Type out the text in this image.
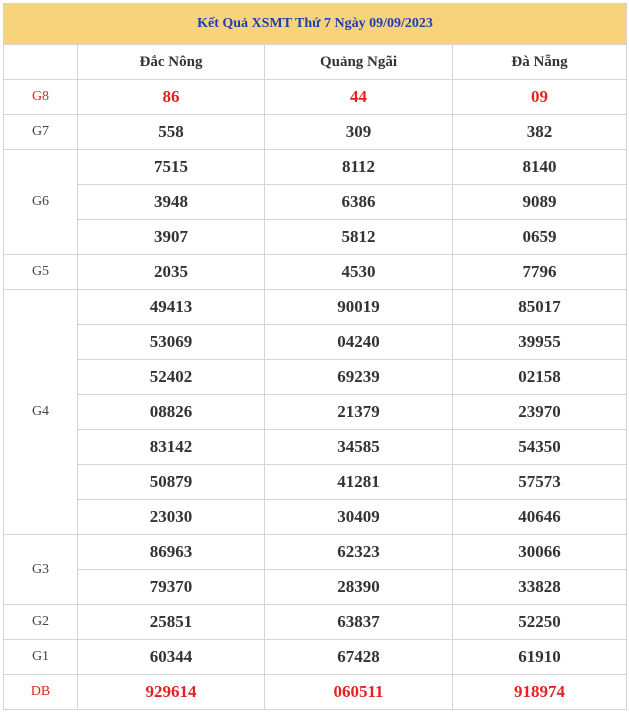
Kết Quả XSMT Thứ 7 Ngày 09/09/2023			
	Đắc Nông	Quảng Ngãi	Đà Nẵng
G8	86	44	09
G7	558	309	382
G6	7515	8112	8140
	3948	6386	9089
	3907	5812	0659
G5	2035	4530	7796
G4	49413	90019	85017
	53069	04240	39955
	52402	69239	02158
	08826	21379	23970
	83142	34585	54350
	50879	41281	57573
	23030	30409	40646
G3	86963	62323	30066
	79370	28390	33828
G2	25851	63837	52250
G1	60344	67428	61910
DB	929614	060511	918974
